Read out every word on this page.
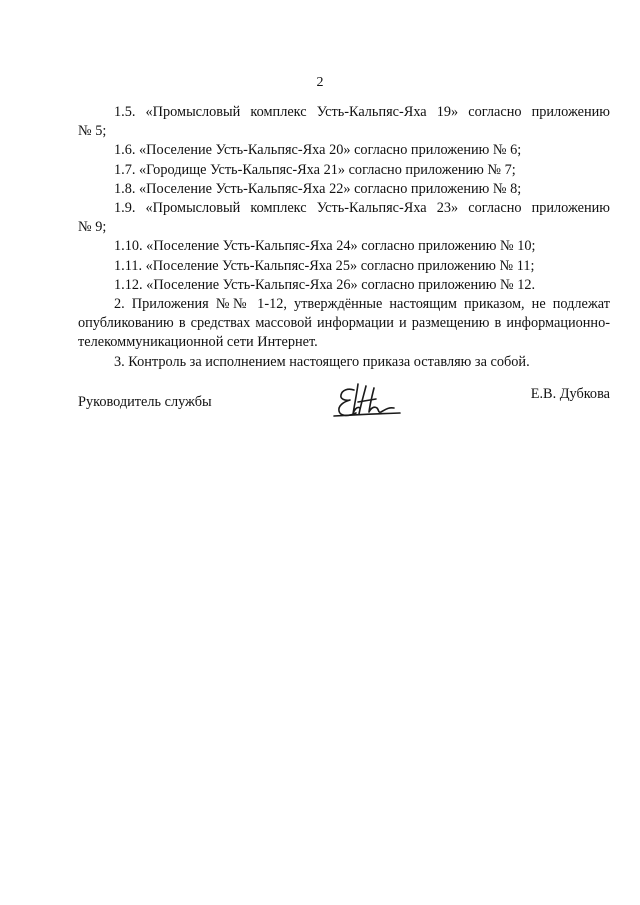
2

1.5. «Промысловый комплекс Усть-Кальпяс-Яха 19» согласно приложению

№ 5;

1.6. «Поселение Усть-Кальпяс-Яха 20» согласно приложению № 6;

1.7. «Городище Усть-Кальпяс-Яха 21» согласно приложению № 7;

1.8. «Поселение Усть-Кальпяс-Яха 22» согласно приложению № 8;

1.9. «Промысловый комплекс Усть-Кальпяс-Яха 23» согласно приложению

№ 9;

1.10. «Поселение Усть-Кальпяс-Яха 24» согласно приложению № 10;

1.11. «Поселение Усть-Кальпяс-Яха 25» согласно приложению № 11;

1.12. «Поселение Усть-Кальпяс-Яха 26» согласно приложению № 12.

2. Приложения №№ 1-12, утверждённые настоящим приказом, не подлежат опубликованию в средствах массовой информации и размещению в информационно-телекоммуникационной сети Интернет.

3. Контроль за исполнением настоящего приказа оставляю за собой.

Руководитель службы	Е.В. Дубкова
